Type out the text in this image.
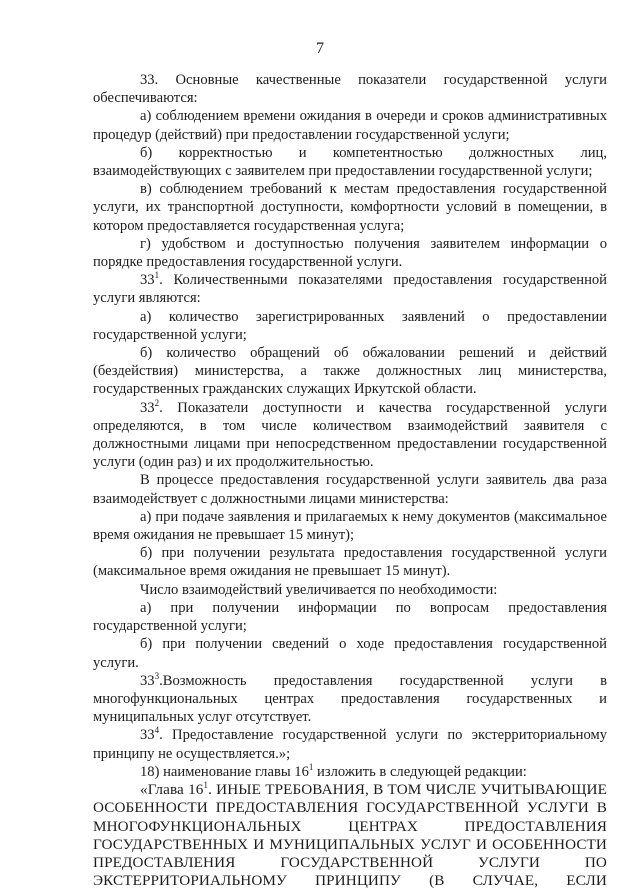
7

33. Основные качественные показатели государственной услуги обеспечиваются:

а) соблюдением времени ожидания в очереди и сроков административных процедур (действий) при предоставлении государственной услуги;

б) корректностью и компетентностью должностных лиц, взаимодействующих с заявителем при предоставлении государственной услуги;

в) соблюдением требований к местам предоставления государственной услуги, их транспортной доступности, комфортности условий в помещении, в котором предоставляется государственная услуга;

г) удобством и доступностью получения заявителем информации о порядке предоставления государственной услуги.

$33^1$. Количественными показателями предоставления государственной услуги являются:

а) количество зарегистрированных заявлений о предоставлении государственной услуги;

б) количество обращений об обжаловании решений и действий (бездействия) министерства, а также должностных лиц министерства, государственных гражданских служащих Иркутской области.

$33^2$. Показатели доступности и качества государственной услуги определяются, в том числе количеством взаимодействий заявителя с должностными лицами при непосредственном предоставлении государственной услуги (один раз) и их продолжительностью.

В процессе предоставления государственной услуги заявитель два раза взаимодействует с должностными лицами министерства:

а) при подаче заявления и прилагаемых к нему документов (максимальное время ожидания не превышает 15 минут);

б) при получении результата предоставления государственной услуги (максимальное время ожидания не превышает 15 минут).

Число взаимодействий увеличивается по необходимости:

а) при получении информации по вопросам предоставления государственной услуги;

б) при получении сведений о ходе предоставления государственной услуги.

$33^3.Возможность$ предоставления государственной услуги в многофункциональных центрах предоставления государственных и муниципальных услуг отсутствует.

$33^4$. Предоставление государственной услуги по экстерриториальному принципу не осуществляется.»;

18) наименование главы $16^1$ изложить в следующей редакции:

«Глава $16^1$. ИНЫЕ ТРЕБОВАНИЯ, В ТОМ ЧИСЛЕ УЧИТЫВАЮЩИЕ ОСОБЕННОСТИ ПРЕДОСТАВЛЕНИЯ ГОСУДАРСТВЕННОЙ УСЛУГИ В МНОГОФУНКЦИОНАЛЬНЫХ ЦЕНТРАХ ПРЕДОСТАВЛЕНИЯ ГОСУДАРСТВЕННЫХ И МУНИЦИПАЛЬНЫХ УСЛУГ И ОСОБЕННОСТИ ПРЕДОСТАВЛЕНИЯ ГОСУДАРСТВЕННОЙ УСЛУГИ ПО ЭКСТЕРРИТОРИАЛЬНОМУ ПРИНЦИПУ (В СЛУЧАЕ, ЕСЛИ
